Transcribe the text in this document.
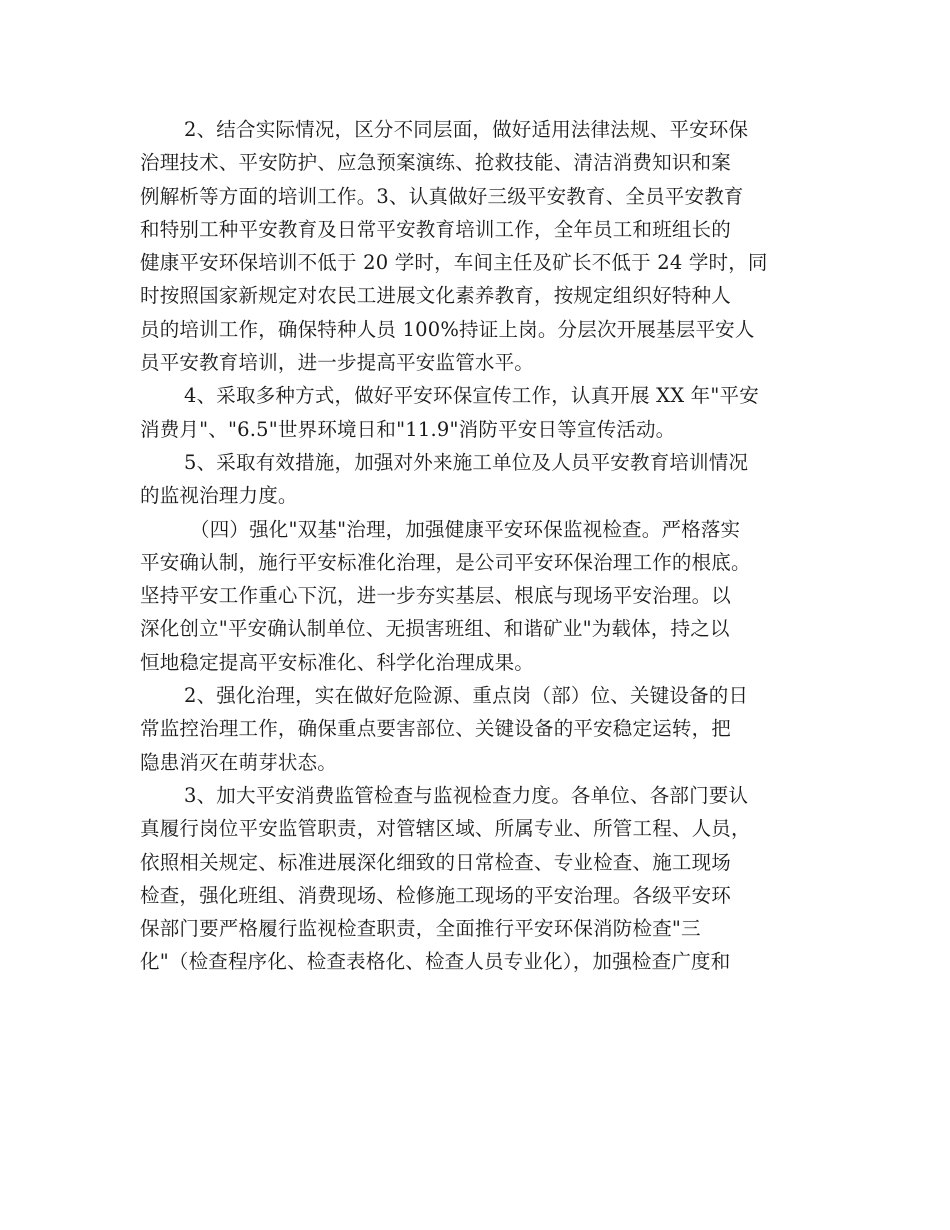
2、结合实际情况，区分不同层面，做好适用法律法规、平安环保
治理技术、平安防护、应急预案演练、抢救技能、清洁消费知识和案
例解析等方面的培训工作。3、认真做好三级平安教育、全员平安教育
和特别工种平安教育及日常平安教育培训工作，全年员工和班组长的
健康平安环保培训不低于 20 学时，车间主任及矿长不低于 24 学时，同
时按照国家新规定对农民工进展文化素养教育，按规定组织好特种人
员的培训工作，确保特种人员 100%持证上岗。分层次开展基层平安人
员平安教育培训，进一步提高平安监管水平。
4、采取多种方式，做好平安环保宣传工作，认真开展 XX 年"平安
消费月"、"6.5"世界环境日和"11.9"消防平安日等宣传活动。
5、采取有效措施，加强对外来施工单位及人员平安教育培训情况
的监视治理力度。
（四）强化"双基"治理，加强健康平安环保监视检查。严格落实
平安确认制，施行平安标准化治理，是公司平安环保治理工作的根底。
坚持平安工作重心下沉，进一步夯实基层、根底与现场平安治理。以
深化创立"平安确认制单位、无损害班组、和谐矿业"为载体，持之以
恒地稳定提高平安标准化、科学化治理成果。
2、强化治理，实在做好危险源、重点岗（部）位、关键设备的日
常监控治理工作，确保重点要害部位、关键设备的平安稳定运转，把
隐患消灭在萌芽状态。
3、加大平安消费监管检查与监视检查力度。各单位、各部门要认
真履行岗位平安监管职责，对管辖区域、所属专业、所管工程、人员，
依照相关规定、标准进展深化细致的日常检查、专业检查、施工现场
检查，强化班组、消费现场、检修施工现场的平安治理。各级平安环
保部门要严格履行监视检查职责，全面推行平安环保消防检查"三
化"（检查程序化、检查表格化、检查人员专业化），加强检查广度和
